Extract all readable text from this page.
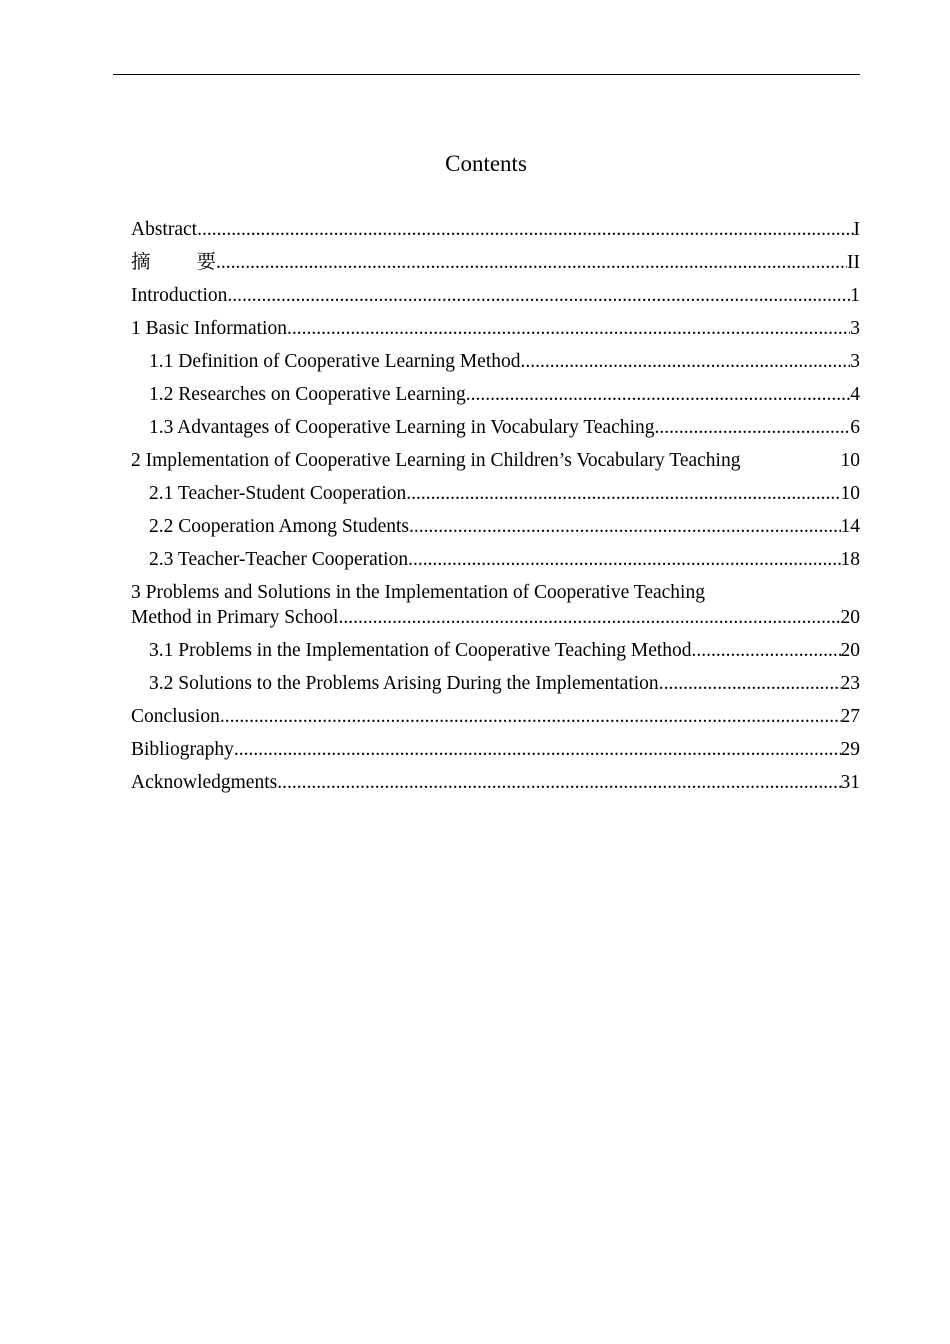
Contents
Abstract .....	I
摘 要 .....	II
Introduction .....	1
1 Basic Information .....	3
1.1 Definition of Cooperative Learning Method .....	3
1.2 Researches on Cooperative Learning .....	4
1.3 Advantages of Cooperative Learning in Vocabulary Teaching .....	6
2 Implementation of Cooperative Learning in Children’s Vocabulary Teaching	10
2.1 Teacher-Student Cooperation .....	10
2.2 Cooperation Among Students .....	14
2.3 Teacher-Teacher Cooperation .....	18
3 Problems and Solutions in the Implementation of Cooperative Teaching
Method in Primary School .....	20
3.1 Problems in the Implementation of Cooperative Teaching Method .....	20
3.2 Solutions to the Problems Arising During the Implementation .....	23
Conclusion .....	27
Bibliography .....	29
Acknowledgments .....	31
